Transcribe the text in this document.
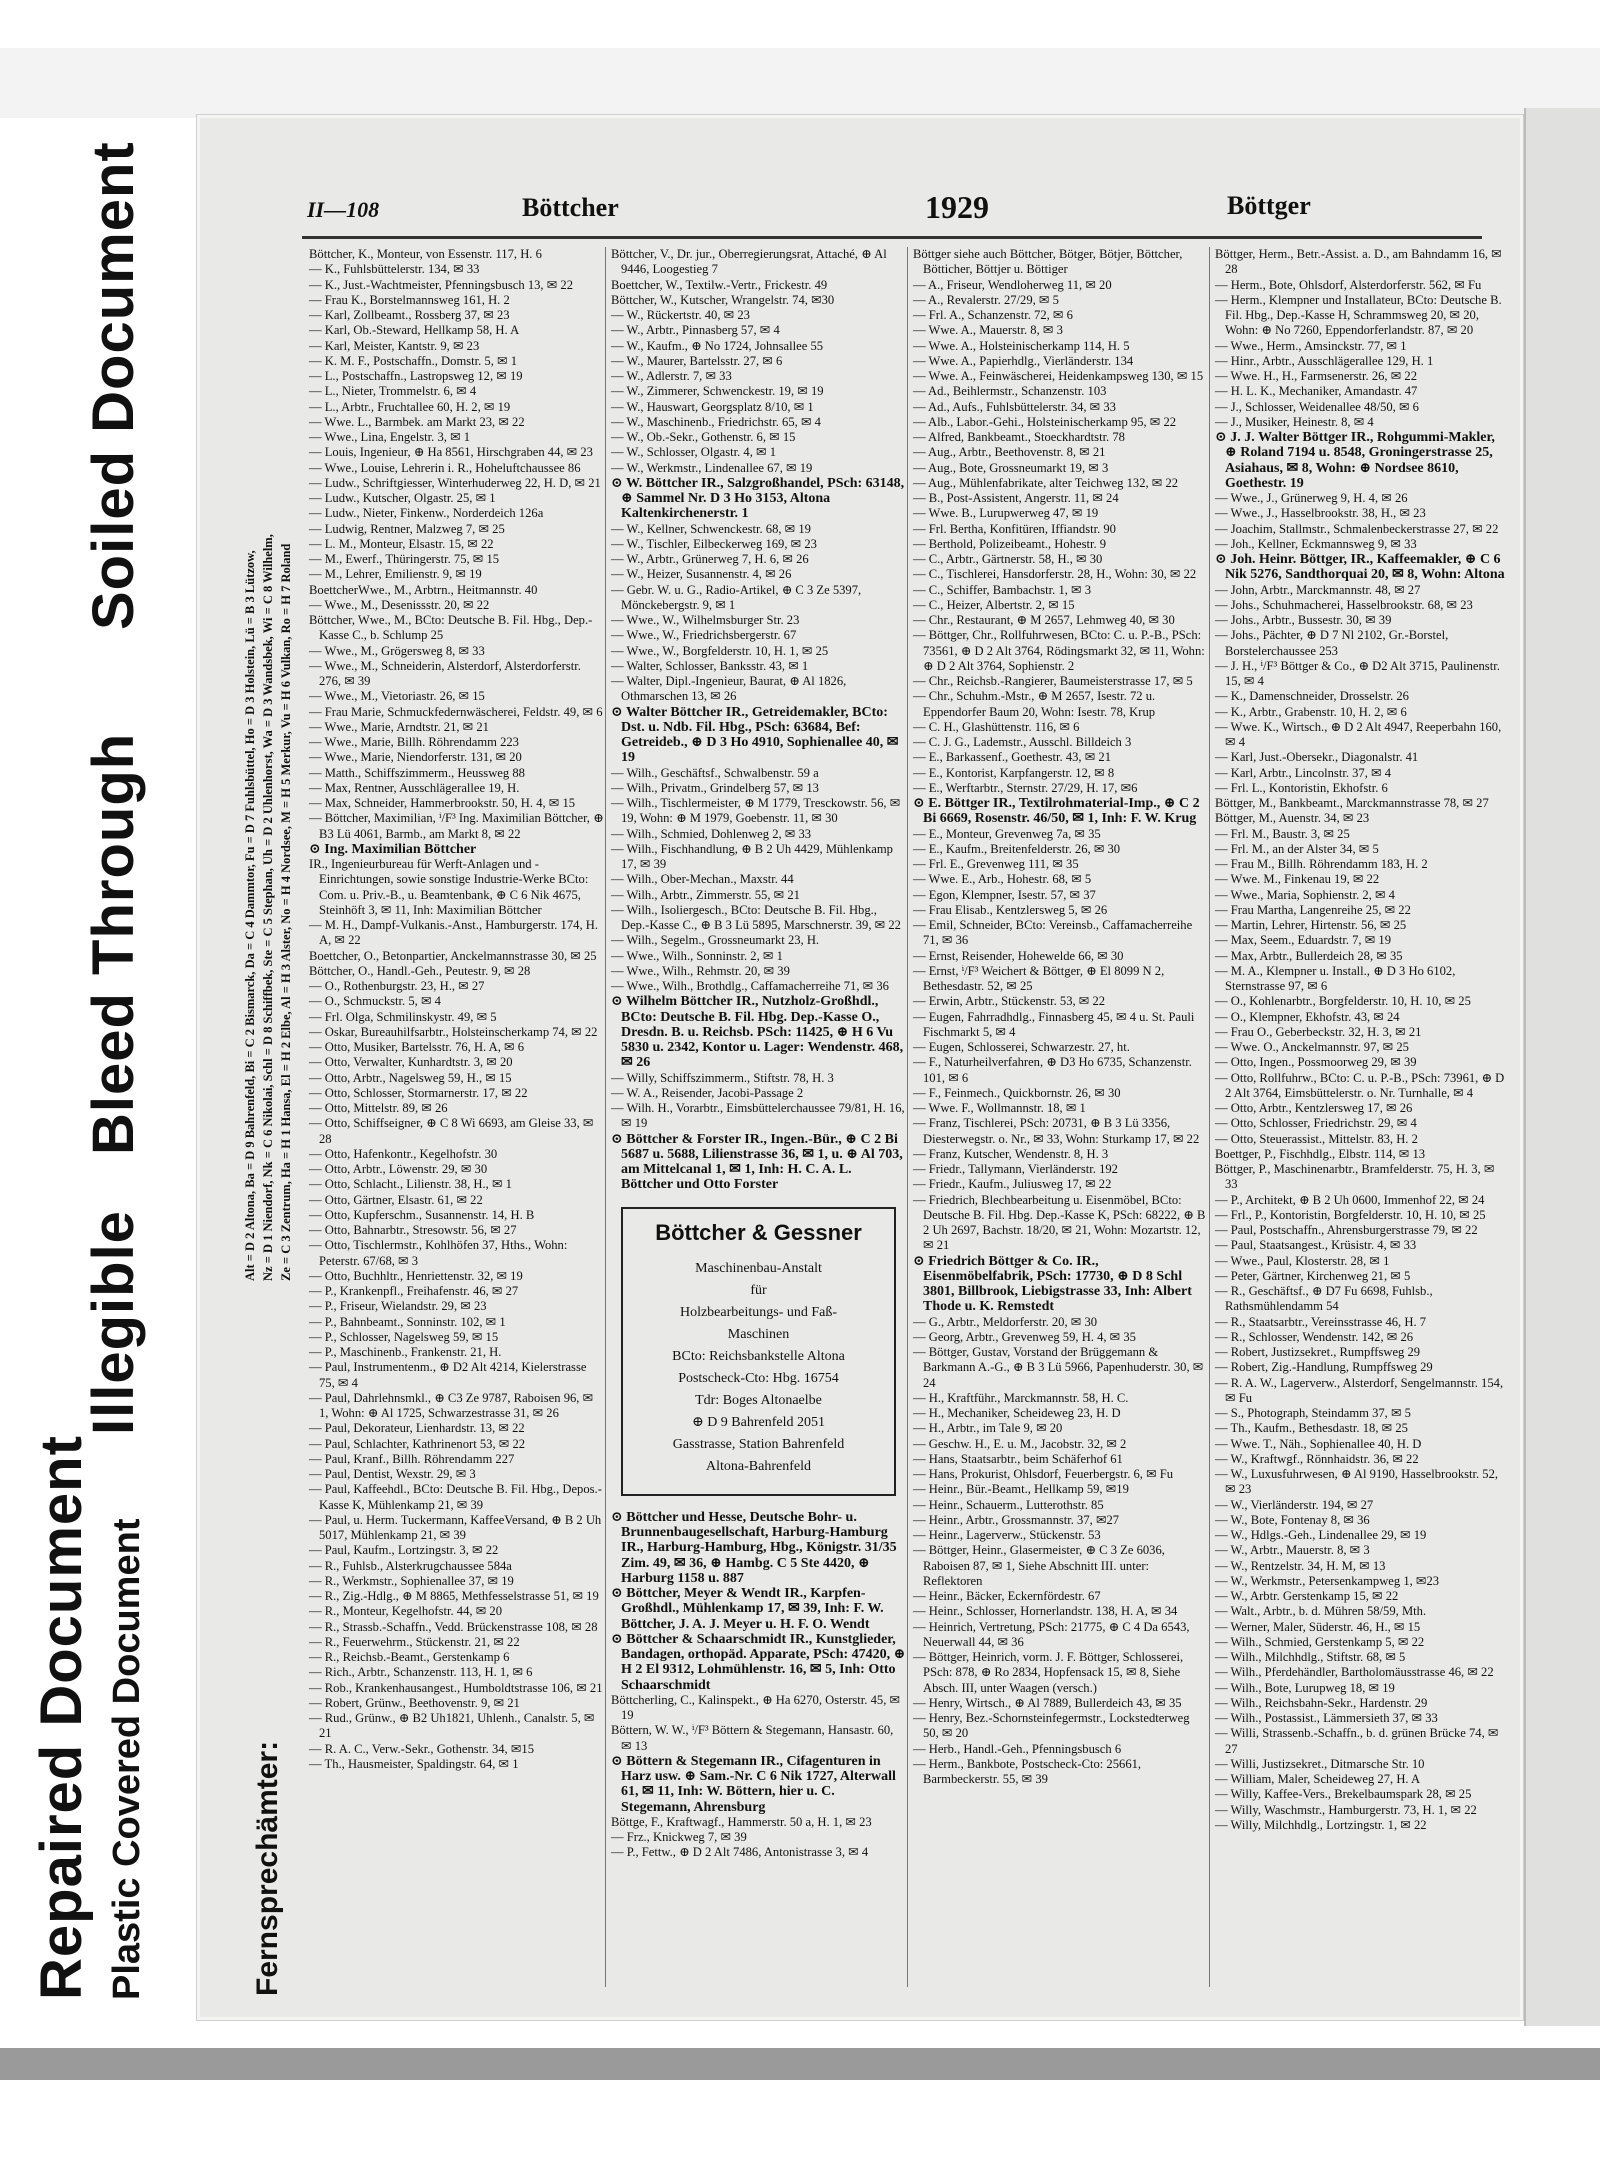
Repaired Document Plastic Covered Document
Illegible
Bleed Through
Soiled Document	II—108	Böttcher	1929	Böttger
Alt = D 2 Altona, Ba = D 9 Bahrenfeld, Bi = C 2 Bismarck, Da = C 4 Dammtor, Fu = D 7 Fuhlsbüttel, Ho = D 3 Holstein, Lü = B 3 Lützow, Nz = D 1 Niendorf, Nk = C 6 Nikolai, Schl = D 8 Schiffbek, Ste = C 5 Stephan, Uh = D 2 Uhlenhorst, Wa = D 3 Wandsbek, Wi = C 8 Wilhelm, Ze = C 3 Zentrum, Ha = H 1 Hansa, El = H 2 Elbe, Al = H 3 Alster, No = H 4 Nordsee, M = H 5 Merkur, Vu = H 6 Vulkan, Ro = H 7 Roland
Fernsprechämter:

Böttcher, K., Monteur, von Essenstr. 117, H. 6

— K., Fuhlsbüttelerstr. 134, ✉ 33

— K., Just.-Wachtmeister, Pfenningsbusch 13, ✉ 22

— Frau K., Borstelmannsweg 161, H. 2

— Karl, Zollbeamt., Rossberg 37, ✉ 23

— Karl, Ob.-Steward, Hellkamp 58, H. A

— Karl, Meister, Kantstr. 9, ✉ 23

— K. M. F., Postschaffn., Domstr. 5, ✉ 1

— L., Postschaffn., Lastropsweg 12, ✉ 19

— L., Nieter, Trommelstr. 6, ✉ 4

— L., Arbtr., Fruchtallee 60, H. 2, ✉ 19

— Wwe. L., Barmbek. am Markt 23, ✉ 22

— Wwe., Lina, Engelstr. 3, ✉ 1

— Louis, Ingenieur, ⊕ Ha 8561, Hirschgraben 44, ✉ 23

— Wwe., Louise, Lehrerin i. R., Hoheluftchaussee 86

— Ludw., Schriftgiesser, Winterhuderweg 22, H. D, ✉ 21

— Ludw., Kutscher, Olgastr. 25, ✉ 1

— Ludw., Nieter, Finkenw., Norderdeich 126a

— Ludwig, Rentner, Malzweg 7, ✉ 25

— L. M., Monteur, Elsastr. 15, ✉ 22

— M., Ewerf., Thüringerstr. 75, ✉ 15

— M., Lehrer, Emilienstr. 9, ✉ 19

BoettcherWwe., M., Arbtrn., Heitmannstr. 40

— Wwe., M., Desenissstr. 20, ✉ 22

Böttcher, Wwe., M., BCto: Deutsche B. Fil. Hbg., Dep.-Kasse C., b. Schlump 25

— Wwe., M., Grögersweg 8, ✉ 33

— Wwe., M., Schneiderin, Alsterdorf, Alsterdorferstr. 276, ✉ 39

— Wwe., M., Vietoriastr. 26, ✉ 15

— Frau Marie, Schmuckfedernwäscherei, Feldstr. 49, ✉ 6

— Wwe., Marie, Arndtstr. 21, ✉ 21

— Wwe., Marie, Billh. Röhrendamm 223

— Wwe., Marie, Niendorferstr. 131, ✉ 20

— Matth., Schiffszimmerm., Heussweg 88

— Max, Rentner, Ausschlägerallee 19, H.

— Max, Schneider, Hammerbrookstr. 50, H. 4, ✉ 15

— Böttcher, Maximilian, ⁱ/F³ Ing. Maximilian Böttcher, ⊕ B3 Lü 4061, Barmb., am Markt 8, ✉ 22

⊙ Ing. Maximilian Böttcher

IR., Ingenieurbureau für Werft-Anlagen und -Einrichtungen, sowie sonstige Industrie-Werke BCto: Com. u. Priv.-B., u. Beamtenbank, ⊕ C 6 Nik 4675, Steinhöft 3, ✉ 11, Inh: Maximilian Böttcher

— M. H., Dampf-Vulkanis.-Anst., Hamburgerstr. 174, H. A, ✉ 22

Boettcher, O., Betonpartier, Anckelmannstrasse 30, ✉ 25

Böttcher, O., Handl.-Geh., Peutestr. 9, ✉ 28

— O., Rothenburgstr. 23, H., ✉ 27

— O., Schmuckstr. 5, ✉ 4

— Frl. Olga, Schmilinskystr. 49, ✉ 5

— Oskar, Bureauhilfsarbtr., Holsteinscherkamp 74, ✉ 22

— Otto, Musiker, Bartelsstr. 76, H. A, ✉ 6

— Otto, Verwalter, Kunhardtstr. 3, ✉ 20

— Otto, Arbtr., Nagelsweg 59, H., ✉ 15

— Otto, Schlosser, Stormarnerstr. 17, ✉ 22

— Otto, Mittelstr. 89, ✉ 26

— Otto, Schiffseigner, ⊕ C 8 Wi 6693, am Gleise 33, ✉ 28

— Otto, Hafenkontr., Kegelhofstr. 30

— Otto, Arbtr., Löwenstr. 29, ✉ 30

— Otto, Schlacht., Lilienstr. 38, H., ✉ 1

— Otto, Gärtner, Elsastr. 61, ✉ 22

— Otto, Kupferschm., Susannenstr. 14, H. B

— Otto, Bahnarbtr., Stresowstr. 56, ✉ 27

— Otto, Tischlermstr., Kohlhöfen 37, Hths., Wohn: Peterstr. 67/68, ✉ 3

— Otto, Buchhltr., Henriettenstr. 32, ✉ 19

— P., Krankenpfl., Freihafenstr. 46, ✉ 27

— P., Friseur, Wielandstr. 29, ✉ 23

— P., Bahnbeamt., Sonninstr. 102, ✉ 1

— P., Schlosser, Nagelsweg 59, ✉ 15

— P., Maschinenb., Frankenstr. 21, H.

— Paul, Instrumentenm., ⊕ D2 Alt 4214, Kielerstrasse 75, ✉ 4

— Paul, Dahrlehnsmkl., ⊕ C3 Ze 9787, Raboisen 96, ✉ 1, Wohn: ⊕ Al 1725, Schwarzestrasse 31, ✉ 26

— Paul, Dekorateur, Lienhardstr. 13, ✉ 22

— Paul, Schlachter, Kathrinenort 53, ✉ 22

— Paul, Kranf., Billh. Röhrendamm 227

— Paul, Dentist, Wexstr. 29, ✉ 3

— Paul, Kaffeehdl., BCto: Deutsche B. Fil. Hbg., Depos.-Kasse K, Mühlenkamp 21, ✉ 39

— Paul, u. Herm. Tuckermann, KaffeeVersand, ⊕ B 2 Uh 5017, Mühlenkamp 21, ✉ 39

— Paul, Kaufm., Lortzingstr. 3, ✉ 22

— R., Fuhlsb., Alsterkrugchaussee 584a

— R., Werkmstr., Sophienallee 37, ✉ 19

— R., Zig.-Hdlg., ⊕ M 8865, Methfesselstrasse 51, ✉ 19

— R., Monteur, Kegelhofstr. 44, ✉ 20

— R., Strassb.-Schaffn., Vedd. Brückenstrasse 108, ✉ 28

— R., Feuerwehrm., Stückenstr. 21, ✉ 22

— R., Reichsb.-Beamt., Gerstenkamp 6

— Rich., Arbtr., Schanzenstr. 113, H. 1, ✉ 6

— Rob., Krankenhausangest., Humboldtstrasse 106, ✉ 21

— Robert, Grünw., Beethovenstr. 9, ✉ 21

— Rud., Grünw., ⊕ B2 Uh1821, Uhlenh., Canalstr. 5, ✉ 21

— R. A. C., Verw.-Sekr., Gothenstr. 34, ✉15

— Th., Hausmeister, Spaldingstr. 64, ✉ 1

Böttcher, V., Dr. jur., Oberregierungsrat, Attaché, ⊕ Al 9446, Loogestieg 7

Boettcher, W., Textilw.-Vertr., Frickestr. 49

Böttcher, W., Kutscher, Wrangelstr. 74, ✉30

— W., Rückertstr. 40, ✉ 23

— W., Arbtr., Pinnasberg 57, ✉ 4

— W., Kaufm., ⊕ No 1724, Johnsallee 55

— W., Maurer, Bartelsstr. 27, ✉ 6

— W., Adlerstr. 7, ✉ 33

— W., Zimmerer, Schwenckestr. 19, ✉ 19

— W., Hauswart, Georgsplatz 8/10, ✉ 1

— W., Maschinenb., Friedrichstr. 65, ✉ 4

— W., Ob.-Sekr., Gothenstr. 6, ✉ 15

— W., Schlosser, Olgastr. 4, ✉ 1

— W., Werkmstr., Lindenallee 67, ✉ 19

⊙ W. Böttcher IR., Salzgroßhandel, PSch: 63148, ⊕ Sammel Nr. D 3 Ho 3153, Altona Kaltenkirchenerstr. 1

— W., Kellner, Schwenckestr. 68, ✉ 19

— W., Tischler, Eilbeckerweg 169, ✉ 23

— W., Arbtr., Grünerweg 7, H. 6, ✉ 26

— W., Heizer, Susannenstr. 4, ✉ 26

— Gebr. W. u. G., Radio-Artikel, ⊕ C 3 Ze 5397, Mönckebergstr. 9, ✉ 1

— Wwe., W., Wilhelmsburger Str. 23

— Wwe., W., Friedrichsbergerstr. 67

— Wwe., W., Borgfelderstr. 10, H. 1, ✉ 25

— Walter, Schlosser, Banksstr. 43, ✉ 1

— Walter, Dipl.-Ingenieur, Baurat, ⊕ Al 1826, Othmarschen 13, ✉ 26

⊙ Walter Böttcher IR., Getreidemakler, BCto: Dst. u. Ndb. Fil. Hbg., PSch: 63684, Bef: Getreideb., ⊕ D 3 Ho 4910, Sophienallee 40, ✉ 19

— Wilh., Geschäftsf., Schwalbenstr. 59 a

— Wilh., Privatm., Grindelberg 57, ✉ 13

— Wilh., Tischlermeister, ⊕ M 1779, Tresckowstr. 56, ✉ 19, Wohn: ⊕ M 1979, Goebenstr. 11, ✉ 30

— Wilh., Schmied, Dohlenweg 2, ✉ 33

— Wilh., Fischhandlung, ⊕ B 2 Uh 4429, Mühlenkamp 17, ✉ 39

— Wilh., Ober-Mechan., Maxstr. 44

— Wilh., Arbtr., Zimmerstr. 55, ✉ 21

— Wilh., Isoliergesch., BCto: Deutsche B. Fil. Hbg., Dep.-Kasse C., ⊕ B 3 Lü 5895, Marschnerstr. 39, ✉ 22

— Wilh., Segelm., Grossneumarkt 23, H.

— Wwe., Wilh., Sonninstr. 2, ✉ 1

— Wwe., Wilh., Rehmstr. 20, ✉ 39

— Wwe., Wilh., Brothdlg., Caffamacherreihe 71, ✉ 36

⊙ Wilhelm Böttcher IR., Nutzholz-Großhdl., BCto: Deutsche B. Fil. Hbg. Dep.-Kasse O., Dresdn. B. u. Reichsb. PSch: 11425, ⊕ H 6 Vu 5830 u. 2342, Kontor u. Lager: Wendenstr. 468, ✉ 26

— Willy, Schiffszimmerm., Stiftstr. 78, H. 3

— W. A., Reisender, Jacobi-Passage 2

— Wilh. H., Vorarbtr., Eimsbüttelerchaussee 79/81, H. 16, ✉ 19

⊙ Böttcher & Forster IR., Ingen.-Bür., ⊕ C 2 Bi 5687 u. 5688, Lilienstrasse 36, ✉ 1, u. ⊕ Al 703, am Mittelcanal 1, ✉ 1, Inh: H. C. A. L. Böttcher und Otto Forster

Böttcher & Gessner
Maschinenbau-Anstalt
für
Holzbearbeitungs- und Faß-
Maschinen
BCto: Reichsbankstelle Altona
Postscheck-Cto: Hbg. 16754
Tdr: Boges Altonaelbe
⊕ D 9 Bahrenfeld 2051
Gasstrasse, Station Bahrenfeld
Altona-Bahrenfeld

⊙ Böttcher und Hesse, Deutsche Bohr- u. Brunnenbaugesellschaft, Harburg-Hamburg IR., Harburg-Hamburg, Hbg., Königstr. 31/35 Zim. 49, ✉ 36, ⊕ Hambg. C 5 Ste 4420, ⊕ Harburg 1158 u. 887

⊙ Böttcher, Meyer & Wendt IR., Karpfen-Großhdl., Mühlenkamp 17, ✉ 39, Inh: F. W. Böttcher, J. A. J. Meyer u. H. F. O. Wendt

⊙ Böttcher & Schaarschmidt IR., Kunstglieder, Bandagen, orthopäd. Apparate, PSch: 47420, ⊕ H 2 El 9312, Lohmühlenstr. 16, ✉ 5, Inh: Otto Schaarschmidt

Böttcherling, C., Kalinspekt., ⊕ Ha 6270, Osterstr. 45, ✉ 19

Böttern, W. W., ⁱ/F³ Böttern & Stegemann, Hansastr. 60, ✉ 13

⊙ Böttern & Stegemann IR., Cifagenturen in Harz usw. ⊕ Sam.-Nr. C 6 Nik 1727, Alterwall 61, ✉ 11, Inh: W. Böttern, hier u. C. Stegemann, Ahrensburg

Böttge, F., Kraftwagf., Hammerstr. 50 a, H. 1, ✉ 23

— Frz., Knickweg 7, ✉ 39

— P., Fettw., ⊕ D 2 Alt 7486, Antonistrasse 3, ✉ 4

Böttger siehe auch Böttcher, Bötger, Bötjer, Böttcher, Bötticher, Böttjer u. Böttiger

— A., Friseur, Wendloherweg 11, ✉ 20

— A., Revalerstr. 27/29, ✉ 5

— Frl. A., Schanzenstr. 72, ✉ 6

— Wwe. A., Mauerstr. 8, ✉ 3

— Wwe. A., Holsteinischerkamp 114, H. 5

— Wwe. A., Papierhdlg., Vierländerstr. 134

— Wwe. A., Feinwäscherei, Heidenkampsweg 130, ✉ 15

— Ad., Beihlermstr., Schanzenstr. 103

— Ad., Aufs., Fuhlsbüttelerstr. 34, ✉ 33

— Alb., Labor.-Gehi., Holsteinischerkamp 95, ✉ 22

— Alfred, Bankbeamt., Stoeckhardtstr. 78

— Aug., Arbtr., Beethovenstr. 8, ✉ 21

— Aug., Bote, Grossneumarkt 19, ✉ 3

— Aug., Mühlenfabrikate, alter Teichweg 132, ✉ 22

— B., Post-Assistent, Angerstr. 11, ✉ 24

— Wwe. B., Lurupwerweg 47, ✉ 19

— Frl. Bertha, Konfitüren, Iffiandstr. 90

— Berthold, Polizeibeamt., Hohestr. 9

— C., Arbtr., Gärtnerstr. 58, H., ✉ 30

— C., Tischlerei, Hansdorferstr. 28, H., Wohn: 30, ✉ 22

— C., Schiffer, Bambachstr. 1, ✉ 3

— C., Heizer, Albertstr. 2, ✉ 15

— Chr., Restaurant, ⊕ M 2657, Lehmweg 40, ✉ 30

— Böttger, Chr., Rollfuhrwesen, BCto: C. u. P.-B., PSch: 73561, ⊕ D 2 Alt 3764, Rödingsmarkt 32, ✉ 11, Wohn: ⊕ D 2 Alt 3764, Sophienstr. 2

— Chr., Reichsb.-Rangierer, Baumeisterstrasse 17, ✉ 5

— Chr., Schuhm.-Mstr., ⊕ M 2657, Isestr. 72 u. Eppendorfer Baum 20, Wohn: Isestr. 78, Krup

— C. H., Glashüttenstr. 116, ✉ 6

— C. J. G., Lademstr., Ausschl. Billdeich 3

— E., Barkassenf., Goethestr. 43, ✉ 21

— E., Kontorist, Karpfangerstr. 12, ✉ 8

— E., Werftarbtr., Sternstr. 27/29, H. 17, ✉6

⊙ E. Böttger IR., Textilrohmaterial-Imp., ⊕ C 2 Bi 6669, Rosenstr. 46/50, ✉ 1, Inh: F. W. Krug

— E., Monteur, Grevenweg 7a, ✉ 35

— E., Kaufm., Breitenfelderstr. 26, ✉ 30

— Frl. E., Grevenweg 111, ✉ 35

— Wwe. E., Arb., Hohestr. 68, ✉ 5

— Egon, Klempner, Isestr. 57, ✉ 37

— Frau Elisab., Kentzlersweg 5, ✉ 26

— Emil, Schneider, BCto: Vereinsb., Caffamacherreihe 71, ✉ 36

— Ernst, Reisender, Hohewelde 66, ✉ 30

— Ernst, ⁱ/F³ Weichert & Böttger, ⊕ El 8099 N 2, Bethesdastr. 52, ✉ 25

— Erwin, Arbtr., Stückenstr. 53, ✉ 22

— Eugen, Fahrradhdlg., Finnasberg 45, ✉ 4 u. St. Pauli Fischmarkt 5, ✉ 4

— Eugen, Schlosserei, Schwarzestr. 27, ht.

— F., Naturheilverfahren, ⊕ D3 Ho 6735, Schanzenstr. 101, ✉ 6

— F., Feinmech., Quickbornstr. 26, ✉ 30

— Wwe. F., Wollmannstr. 18, ✉ 1

— Franz, Tischlerei, PSch: 20731, ⊕ B 3 Lü 3356, Diesterwegstr. o. Nr., ✉ 33, Wohn: Sturkamp 17, ✉ 22

— Franz, Kutscher, Wendenstr. 8, H. 3

— Friedr., Tallymann, Vierländerstr. 192

— Friedr., Kaufm., Juliusweg 17, ✉ 22

— Friedrich, Blechbearbeitung u. Eisenmöbel, BCto: Deutsche B. Fil. Hbg. Dep.-Kasse K, PSch: 68222, ⊕ B 2 Uh 2697, Bachstr. 18/20, ✉ 21, Wohn: Mozartstr. 12, ✉ 21

⊙ Friedrich Böttger & Co. IR., Eisenmöbelfabrik, PSch: 17730, ⊕ D 8 Schl 3801, Billbrook, Liebigstrasse 33, Inh: Albert Thode u. K. Remstedt

— G., Arbtr., Meldorferstr. 20, ✉ 30

— Georg, Arbtr., Grevenweg 59, H. 4, ✉ 35

— Böttger, Gustav, Vorstand der Brüggemann & Barkmann A.-G., ⊕ B 3 Lü 5966, Papenhuderstr. 30, ✉ 24

— H., Kraftführ., Marckmannstr. 58, H. C.

— H., Mechaniker, Scheideweg 23, H. D

— H., Arbtr., im Tale 9, ✉ 20

— Geschw. H., E. u. M., Jacobstr. 32, ✉ 2

— Hans, Staatsarbtr., beim Schäferhof 61

— Hans, Prokurist, Ohlsdorf, Feuerbergstr. 6, ✉ Fu

— Heinr., Bür.-Beamt., Hellkamp 59, ✉19

— Heinr., Schauerm., Lutterothstr. 85

— Heinr., Arbtr., Grossmannstr. 37, ✉27

— Heinr., Lagerverw., Stückenstr. 53

— Böttger, Heinr., Glasermeister, ⊕ C 3 Ze 6036, Raboisen 87, ✉ 1, Siehe Abschnitt III. unter: Reflektoren

— Heinr., Bäcker, Eckernfördestr. 67

— Heinr., Schlosser, Hornerlandstr. 138, H. A, ✉ 34

— Heinrich, Vertretung, PSch: 21775, ⊕ C 4 Da 6543, Neuerwall 44, ✉ 36

— Böttger, Heinrich, vorm. J. F. Böttger, Schlosserei, PSch: 878, ⊕ Ro 2834, Hopfensack 15, ✉ 8, Siehe Absch. III, unter Waagen (versch.)

— Henry, Wirtsch., ⊕ Al 7889, Bullerdeich 43, ✉ 35

— Henry, Bez.-Schornsteinfegermstr., Lockstedterweg 50, ✉ 20

— Herb., Handl.-Geh., Pfenningsbusch 6

— Herm., Bankbote, Postscheck-Cto: 25661, Barmbeckerstr. 55, ✉ 39

Böttger, Herm., Betr.-Assist. a. D., am Bahndamm 16, ✉ 28

— Herm., Bote, Ohlsdorf, Alsterdorferstr. 562, ✉ Fu

— Herm., Klempner und Installateur, BCto: Deutsche B. Fil. Hbg., Dep.-Kasse H, Schrammsweg 20, ✉ 20, Wohn: ⊕ No 7260, Eppendorferlandstr. 87, ✉ 20

— Wwe., Herm., Amsinckstr. 77, ✉ 1

— Hinr., Arbtr., Ausschlägerallee 129, H. 1

— Wwe. H., H., Farmsenerstr. 26, ✉ 22

— H. L. K., Mechaniker, Amandastr. 47

— J., Schlosser, Weidenallee 48/50, ✉ 6

— J., Musiker, Heinestr. 8, ✉ 4

⊙ J. J. Walter Böttger IR., Rohgummi-Makler, ⊕ Roland 7194 u. 8548, Groningerstrasse 25, Asiahaus, ✉ 8, Wohn: ⊕ Nordsee 8610, Goethestr. 19

— Wwe., J., Grünerweg 9, H. 4, ✉ 26

— Wwe., J., Hasselbrookstr. 38, H., ✉ 23

— Joachim, Stallmstr., Schmalenbeckerstrasse 27, ✉ 22

— Joh., Kellner, Eckmannsweg 9, ✉ 33

⊙ Joh. Heinr. Böttger, IR., Kaffeemakler, ⊕ C 6 Nik 5276, Sandthorquai 20, ✉ 8, Wohn: Altona

— John, Arbtr., Marckmannstr. 48, ✉ 27

— Johs., Schuhmacherei, Hasselbrookstr. 68, ✉ 23

— Johs., Arbtr., Bussestr. 30, ✉ 39

— Johs., Pächter, ⊕ D 7 Nl 2102, Gr.-Borstel, Borstelerchaussee 253

— J. H., ⁱ/F³ Böttger & Co., ⊕ D2 Alt 3715, Paulinenstr. 15, ✉ 4

— K., Damenschneider, Drosselstr. 26

— K., Arbtr., Grabenstr. 10, H. 2, ✉ 6

— Wwe. K., Wirtsch., ⊕ D 2 Alt 4947, Reeperbahn 160, ✉ 4

— Karl, Just.-Obersekr., Diagonalstr. 41

— Karl, Arbtr., Lincolnstr. 37, ✉ 4

— Frl. L., Kontoristin, Ekhofstr. 6

Böttger, M., Bankbeamt., Marckmannstrasse 78, ✉ 27

Böttger, M., Auenstr. 34, ✉ 23

— Frl. M., Baustr. 3, ✉ 25

— Frl. M., an der Alster 34, ✉ 5

— Frau M., Billh. Röhrendamm 183, H. 2

— Wwe. M., Finkenau 19, ✉ 22

— Wwe., Maria, Sophienstr. 2, ✉ 4

— Frau Martha, Langenreihe 25, ✉ 22

— Martin, Lehrer, Hirtenstr. 56, ✉ 25

— Max, Seem., Eduardstr. 7, ✉ 19

— Max, Arbtr., Bullerdeich 28, ✉ 35

— M. A., Klempner u. Install., ⊕ D 3 Ho 6102, Sternstrasse 97, ✉ 6

— O., Kohlenarbtr., Borgfelderstr. 10, H. 10, ✉ 25

— O., Klempner, Ekhofstr. 43, ✉ 24

— Frau O., Geberbeckstr. 32, H. 3, ✉ 21

— Wwe. O., Anckelmannstr. 97, ✉ 25

— Otto, Ingen., Possmoorweg 29, ✉ 39

— Otto, Rollfuhrw., BCto: C. u. P.-B., PSch: 73961, ⊕ D 2 Alt 3764, Eimsbüttelerstr. o. Nr. Turnhalle, ✉ 4

— Otto, Arbtr., Kentzlersweg 17, ✉ 26

— Otto, Schlosser, Friedrichstr. 29, ✉ 4

— Otto, Steuerassist., Mittelstr. 83, H. 2

Boettger, P., Fischhdlg., Elbstr. 114, ✉ 13

Böttger, P., Maschinenarbtr., Bramfelderstr. 75, H. 3, ✉ 33

— P., Architekt, ⊕ B 2 Uh 0600, Immenhof 22, ✉ 24

— Frl., P., Kontoristin, Borgfelderstr. 10, H. 10, ✉ 25

— Paul, Postschaffn., Ahrensburgerstrasse 79, ✉ 22

— Paul, Staatsangest., Krüsistr. 4, ✉ 33

— Wwe., Paul, Klosterstr. 28, ✉ 1

— Peter, Gärtner, Kirchenweg 21, ✉ 5

— R., Geschäftsf., ⊕ D7 Fu 6698, Fuhlsb., Rathsmühlendamm 54

— R., Staatsarbtr., Vereinsstrasse 46, H. 7

— R., Schlosser, Wendenstr. 142, ✉ 26

— Robert, Justizsekret., Rumpffsweg 29

— Robert, Zig.-Handlung, Rumpffsweg 29

— R. A. W., Lagerverw., Alsterdorf, Sengelmannstr. 154, ✉ Fu

— S., Photograph, Steindamm 37, ✉ 5

— Th., Kaufm., Bethesdastr. 18, ✉ 25

— Wwe. T., Näh., Sophienallee 40, H. D

— W., Kraftwgf., Rönnhaidstr. 36, ✉ 22

— W., Luxusfuhrwesen, ⊕ Al 9190, Hasselbrookstr. 52, ✉ 23

— W., Vierländerstr. 194, ✉ 27

— W., Bote, Fontenay 8, ✉ 36

— W., Hdlgs.-Geh., Lindenallee 29, ✉ 19

— W., Arbtr., Mauerstr. 8, ✉ 3

— W., Rentzelstr. 34, H. M, ✉ 13

— W., Werkmstr., Petersenkampweg 1, ✉23

— W., Arbtr. Gerstenkamp 15, ✉ 22

— Walt., Arbtr., b. d. Mühren 58/59, Mth.

— Werner, Maler, Süderstr. 46, H., ✉ 15

— Wilh., Schmied, Gerstenkamp 5, ✉ 22

— Wilh., Milchhdlg., Stiftstr. 68, ✉ 5

— Wilh., Pferdehändler, Bartholomäusstrasse 46, ✉ 22

— Wilh., Bote, Lurupweg 18, ✉ 19

— Wilh., Reichsbahn-Sekr., Hardenstr. 29

— Wilh., Postassist., Lämmersieth 37, ✉ 33

— Willi, Strassenb.-Schaffn., b. d. grünen Brücke 74, ✉ 27

— Willi, Justizsekret., Ditmarsche Str. 10

— William, Maler, Scheideweg 27, H. A

— Willy, Kaffee-Vers., Brekelbaumspark 28, ✉ 25

— Willy, Waschmstr., Hamburgerstr. 73, H. 1, ✉ 22

— Willy, Milchhdlg., Lortzingstr. 1, ✉ 22
